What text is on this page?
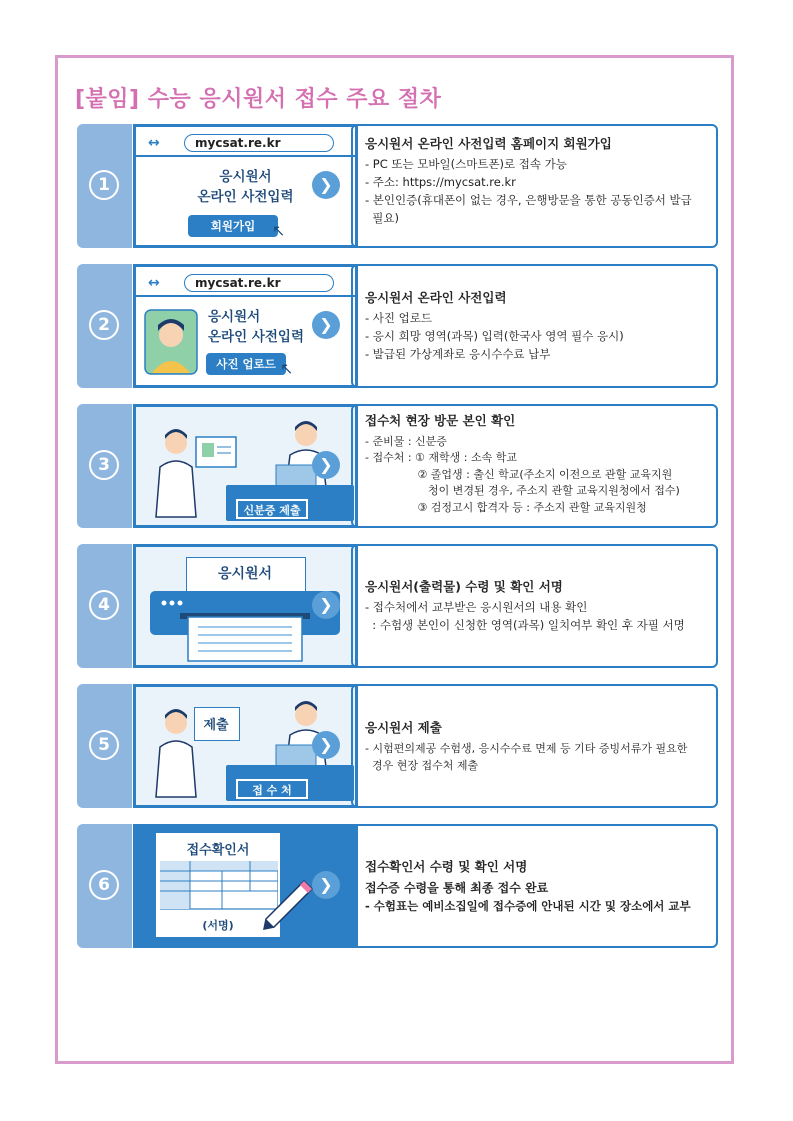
[붙임] 수능 응시원서 접수 주요 절차
1
↔	mycsat.re.kr
응시원서
온라인 사전입력
회원가입	↖
❯
응시원서 온라인 사전입력 홈페이지 회원가입
- PC 또는 모바일(스마트폰)로 접속 가능
- 주소: https://mycsat.re.kr
- 본인인증(휴대폰이 없는 경우, 은행방문을 통한 공동인증서 발급
필요)
2
↔	mycsat.re.kr
응시원서
온라인 사전입력
사진 업로드 ↖
❯
응시원서 온라인 사전입력
- 사진 업로드
- 응시 희망 영역(과목) 입력(한국사 영역 필수 응시)
- 발급된 가상계좌로 응시수수료 납부
3
신분증 제출
❯
접수처 현장 방문 본인 확인
- 준비물 : 신분증
- 접수처 : ① 재학생 : 소속 학교
② 졸업생 : 출신 학교(주소지 이전으로 관할 교육지원
청이 변경된 경우, 주소지 관할 교육지원청에서 접수)
③ 검정고시 합격자 등 : 주소지 관할 교육지원청
4
응시원서
❯
응시원서(출력물) 수령 및 확인 서명
- 접수처에서 교부받은 응시원서의 내용 확인
: 수험생 본인이 신청한 영역(과목) 일치여부 확인 후 자필 서명
5
제출
접 수 처
❯
응시원서 제출
- 시험편의제공 수험생, 응시수수료 면제 등 기타 증빙서류가 필요한
경우 현장 접수처 제출
6
접수확인서
(서명)
❯
접수확인서 수령 및 확인 서명
접수증 수령을 통해 최종 접수 완료
- 수험표는 예비소집일에 접수증에 안내된 시간 및 장소에서 교부
